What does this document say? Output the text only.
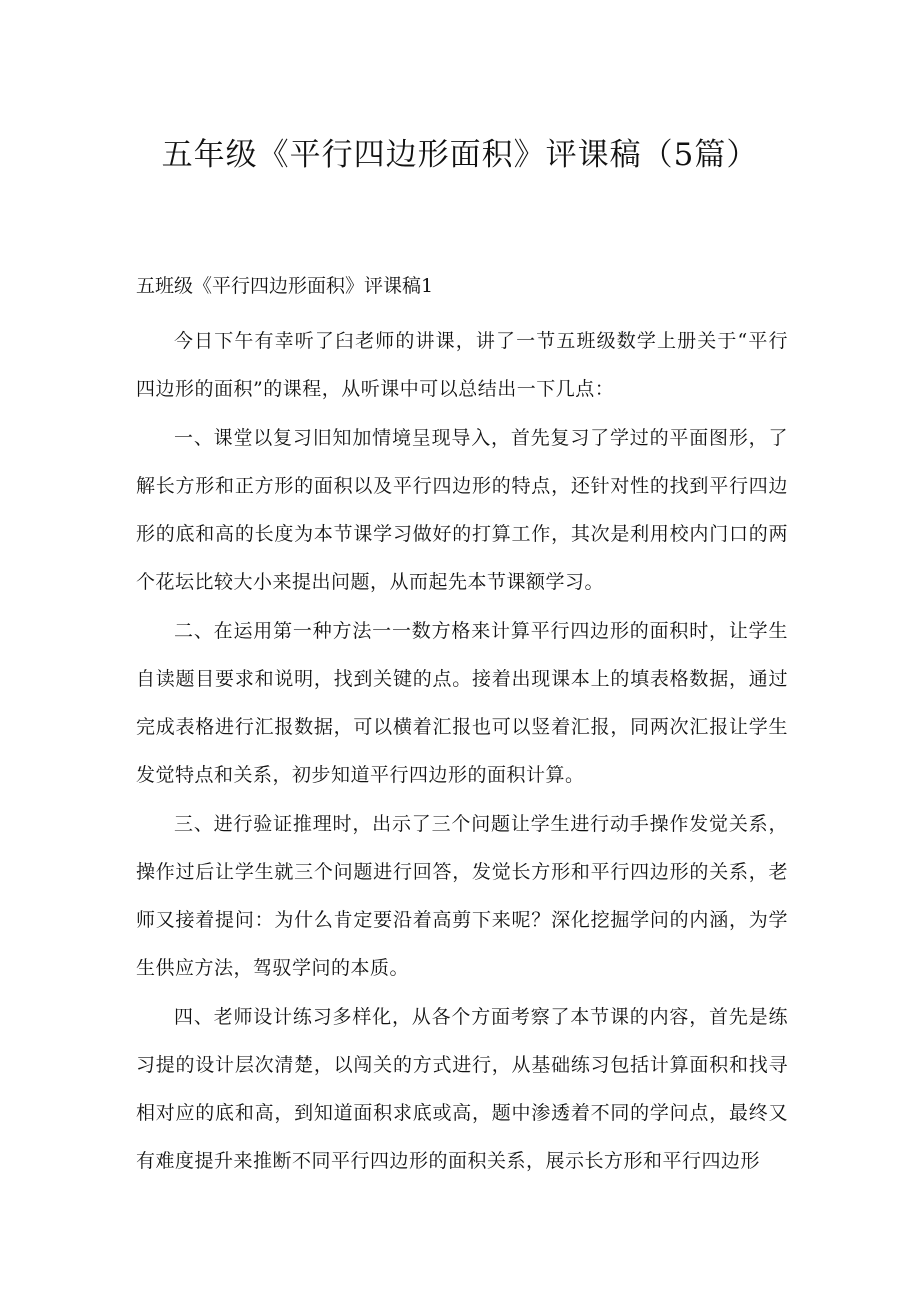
五年级《平行四边形面积》评课稿（5篇）
五班级《平行四边形面积》评课稿1

今日下午有幸听了臼老师的讲课，讲了一节五班级数学上册关于“平行四边形的面积”的课程，从听课中可以总结出一下几点：

一、课堂以复习旧知加情境呈现导入，首先复习了学过的平面图形，了解长方形和正方形的面积以及平行四边形的特点，还针对性的找到平行四边形的底和高的长度为本节课学习做好的打算工作，其次是利用校内门口的两个花坛比较大小来提出问题，从而起先本节课额学习。

二、在运用第一种方法一一数方格来计算平行四边形的面积时，让学生自读题目要求和说明，找到关键的点。接着出现课本上的填表格数据，通过完成表格进行汇报数据，可以横着汇报也可以竖着汇报，同两次汇报让学生发觉特点和关系，初步知道平行四边形的面积计算。

三、进行验证推理时，出示了三个问题让学生进行动手操作发觉关系，操作过后让学生就三个问题进行回答，发觉长方形和平行四边形的关系，老师又接着提问：为什么肯定要沿着高剪下来呢？深化挖掘学问的内涵，为学生供应方法，驾驭学问的本质。

四、老师设计练习多样化，从各个方面考察了本节课的内容，首先是练习提的设计层次清楚，以闯关的方式进行，从基础练习包括计算面积和找寻相对应的底和高，到知道面积求底或高，题中渗透着不同的学问点，最终又有难度提升来推断不同平行四边形的面积关系，展示长方形和平行四边形
